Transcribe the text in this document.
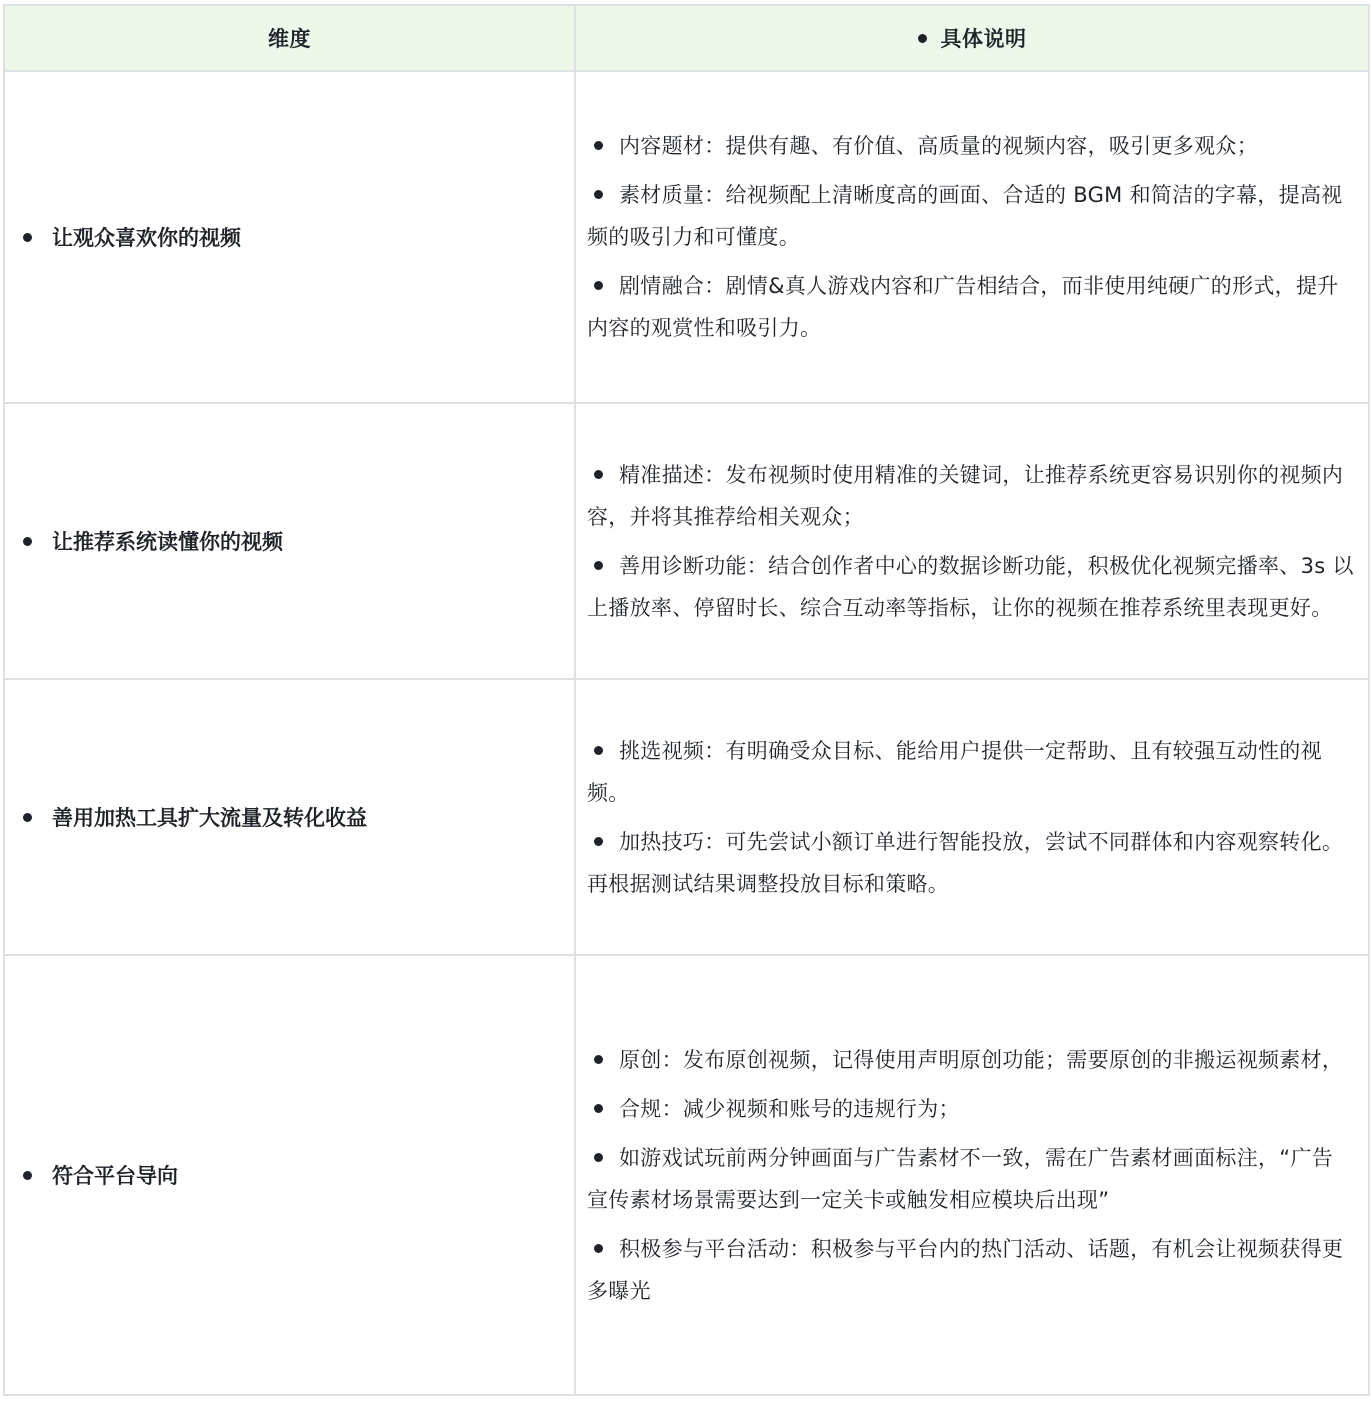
维度	具体说明

让观众喜欢你的视频	内容题材：提供有趣、有价值、高质量的视频内容，吸引更多观众；

素材质量：给视频配上清晰度高的画面、合适的 BGM 和简洁的字幕，提高视频的吸引力和可懂度。

剧情融合：剧情&真人游戏内容和广告相结合，而非使用纯硬广的形式，提升内容的观赏性和吸引力。

让推荐系统读懂你的视频	精准描述：发布视频时使用精准的关键词，让推荐系统更容易识别你的视频内容，并将其推荐给相关观众；

善用诊断功能：结合创作者中心的数据诊断功能，积极优化视频完播率、3s 以上播放率、停留时长、综合互动率等指标，让你的视频在推荐系统里表现更好。

善用加热工具扩大流量及转化收益	挑选视频：有明确受众目标、能给用户提供一定帮助、且有较强互动性的视频。

加热技巧：可先尝试小额订单进行智能投放，尝试不同群体和内容观察转化。再根据测试结果调整投放目标和策略。

符合平台导向	原创：发布原创视频，记得使用声明原创功能；需要原创的非搬运视频素材，

合规：减少视频和账号的违规行为；

如游戏试玩前两分钟画面与广告素材不一致，需在广告素材画面标注，“广告宣传素材场景需要达到一定关卡或触发相应模块后出现”

积极参与平台活动：积极参与平台内的热门活动、话题，有机会让视频获得更多曝光
